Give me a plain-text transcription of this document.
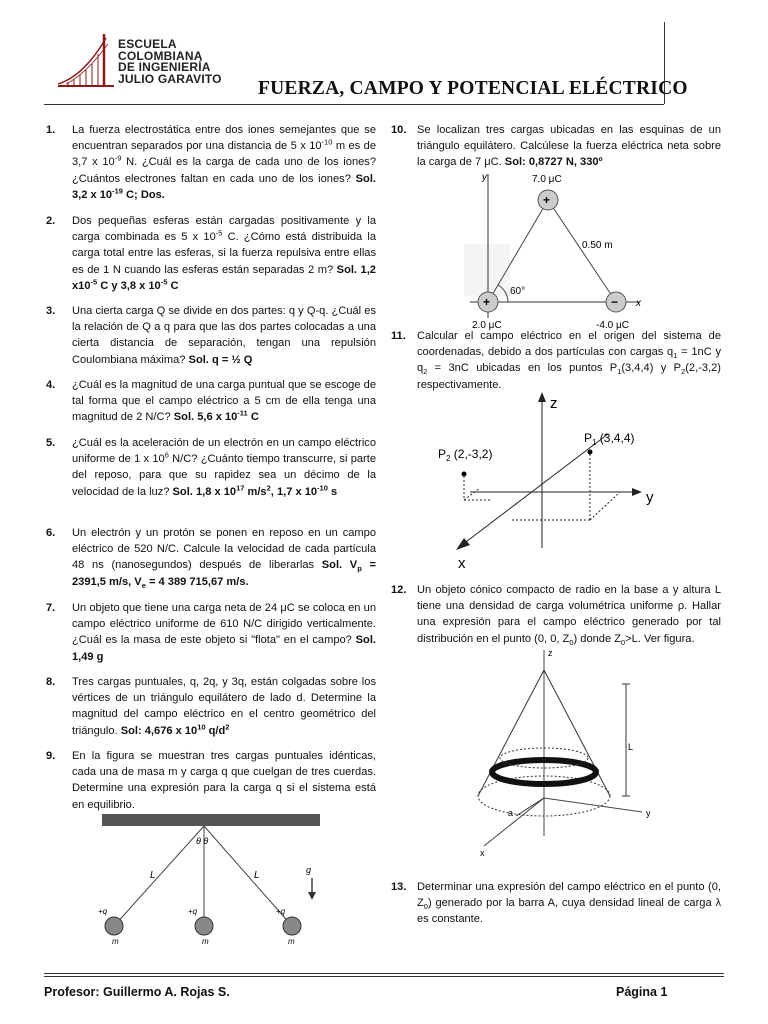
ESCUELA
COLOMBIANA
DE INGENIERÍA
JULIO GARAVITO FUERZA, CAMPO Y POTENCIAL ELÉCTRICO
1. La fuerza electrostática entre dos iones semejantes que se encuentran separados por una distancia de 5 x $10^{-10}$ m es de 3,7 x $10^{-9}$ N. ¿Cuál es la carga de cada uno de los iones? ¿Cuántos electrones faltan en cada uno de los iones? Sol. 3,2 x $10^{-19}$ C; Dos.
2. Dos pequeñas esferas están cargadas positivamente y la carga combinada es 5 x $10^{-5}$ C. ¿Cómo está distribuida la carga total entre las esferas, si la fuerza repulsiva entre ellas es de 1 N cuando las esferas están separadas 2 m? Sol. 1,2 $x10^{-5}$ C y 3,8 x $10^{-5}$ C
3. Una cierta carga Q se divide en dos partes: q y Q-q. ¿Cuál es la relación de Q a q para que las dos partes colocadas a una cierta distancia de separación, tengan una repulsión Coulombiana máxima? Sol. q = ½ Q
4. ¿Cuál es la magnitud de una carga puntual que se escoge de tal forma que el campo eléctrico a 5 cm de ella tenga una magnitud de 2 N/C? Sol. 5,6 x $10^{-11}$ C
5. ¿Cuál es la aceleración de un electrón en un campo eléctrico uniforme de 1 x $10^6$ N/C? ¿Cuánto tiempo transcurre, si parte del reposo, para que su rapidez sea un décimo de la velocidad de la luz? Sol. 1,8 x $10^{17}$ $m/s^2$, 1,7 x $10^{-10}$ s
6. Un electrón y un protón se ponen en reposo en un campo eléctrico de 520 N/C. Calcule la velocidad de cada partícula 48 ns (nanosegundos) después de liberarlas Sol. $V_p = 2391,5$ m/s, $V_e = 4$ 389 715,67 m/s.
7. Un objeto que tiene una carga neta de 24 μC se coloca en un campo eléctrico uniforme de 610 N/C dirigido verticalmente. ¿Cuál es la masa de este objeto si "flota" en el campo? Sol. 1,49 g
8. Tres cargas puntuales, q, 2q, y 3q, están colgadas sobre los vértices de un triángulo equilátero de lado d. Determine la magnitud del campo eléctrico en el centro geométrico del triángulo. Sol: 4,676 x $10^{10}$ $q/d^2$
9. En la figura se muestran tres cargas puntuales idénticas, cada una de masa m y carga q que cuelgan de tres cuerdas. Determine una expresión para la carga q si el sistema está en equilibrio.
θ θ
L	L	g
+q	+q	+q
m	m	m
10. Se localizan tres cargas ubicadas en las esquinas de un triángulo equilátero. Calcúlese la fuerza eléctrica neta sobre la carga de 7 μC. Sol: 0,8727 N, 330º
11. Calcular el campo eléctrico en el origen del sistema de coordenadas, debido a dos partículas con cargas $q_1 = 1nC$ y $q_2 = 3nC$ ubicadas en los puntos $P_1(3,4,4)$ y $P_2(2,-3,2)$ respectivamente.
12. Un objeto cónico compacto de radio en la base a y altura L tiene una densidad de carga volumétrica uniforme ρ. Hallar una expresión para el campo eléctrico generado por tal distribución en el punto (0, 0, $Z_0$) donde $Z_0>L$. Ver figura.
13. Determinar una expresión del campo eléctrico en el punto (0, $Z_0$) generado por la barra A, cuya densidad lineal de carga λ es constante.
y
x
60°
0.50 m
+
+	−
7.0 μC
2.0 μC	-4.0 μC
z
y
x
$P_2$ (2,-3,2)
$P_1$ (3,4,4)
z
y
x
a
L
Profesor: Guillermo A. Rojas S.	Página 1
